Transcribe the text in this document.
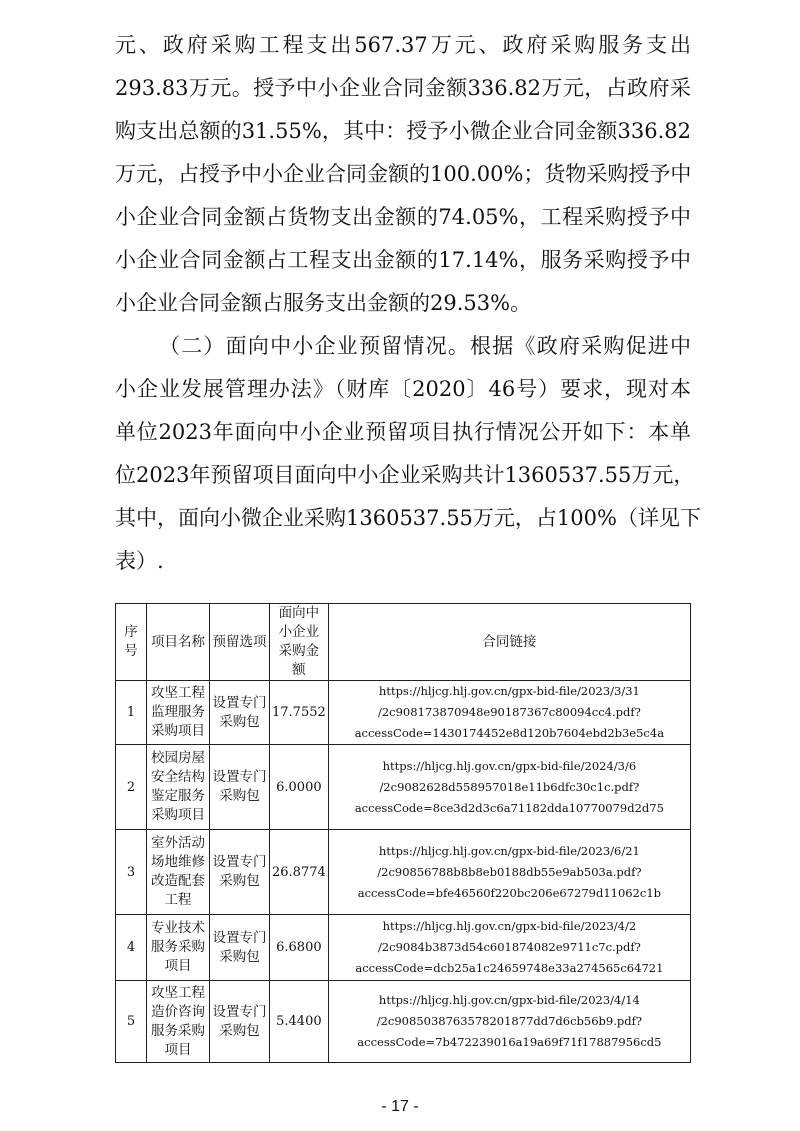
元、政府采购工程支出567.37万元、政府采购服务支出
293.83万元。授予中小企业合同金额336.82万元，占政府采
购支出总额的31.55%，其中：授予小微企业合同金额336.82
万元，占授予中小企业合同金额的100.00%；货物采购授予中
小企业合同金额占货物支出金额的74.05%，工程采购授予中
小企业合同金额占工程支出金额的17.14%，服务采购授予中
小企业合同金额占服务支出金额的29.53%。
（二）面向中小企业预留情况。根据《政府采购促进中
小企业发展管理办法》（财库〔2020〕46号）要求，现对本
单位2023年面向中小企业预留项目执行情况公开如下：本单
位2023年预留项目面向中小企业采购共计1360537.55万元，
其中，面向小微企业采购1360537.55万元，占100%（详见下
表）.
序号	项目名称	预留选项	面向中小企业采购金额	合同链接
1	攻坚工程监理服务采购项目	设置专门采购包	17.7552	https://hljcg.hlj.gov.cn/gpx-bid-file/2023/3/31
/2c908173870948e90187367c80094cc4.pdf?
accessCode=1430174452e8d120b7604ebd2b3e5c4a

2	校园房屋安全结构鉴定服务采购项目	设置专门采购包	6.0000	https://hljcg.hlj.gov.cn/gpx-bid-file/2024/3/6
/2c9082628d558957018e11b6dfc30c1c.pdf?
accessCode=8ce3d2d3c6a71182dda10770079d2d75

3	室外活动场地维修改造配套工程	设置专门采购包	26.8774	https://hljcg.hlj.gov.cn/gpx-bid-file/2023/6/21
/2c90856788b8b8eb0188db55e9ab503a.pdf?
accessCode=bfe46560f220bc206e67279d11062c1b

4	专业技术服务采购项目	设置专门采购包	6.6800	https://hljcg.hlj.gov.cn/gpx-bid-file/2023/4/2
/2c9084b3873d54c601874082e9711c7c.pdf?
accessCode=dcb25a1c24659748e33a274565c64721

5	攻坚工程造价咨询服务采购项目	设置专门采购包	5.4400	https://hljcg.hlj.gov.cn/gpx-bid-file/2023/4/14
/2c9085038763578201877dd7d6cb56b9.pdf?
accessCode=7b472239016a19a69f71f17887956cd5
- 17 -
